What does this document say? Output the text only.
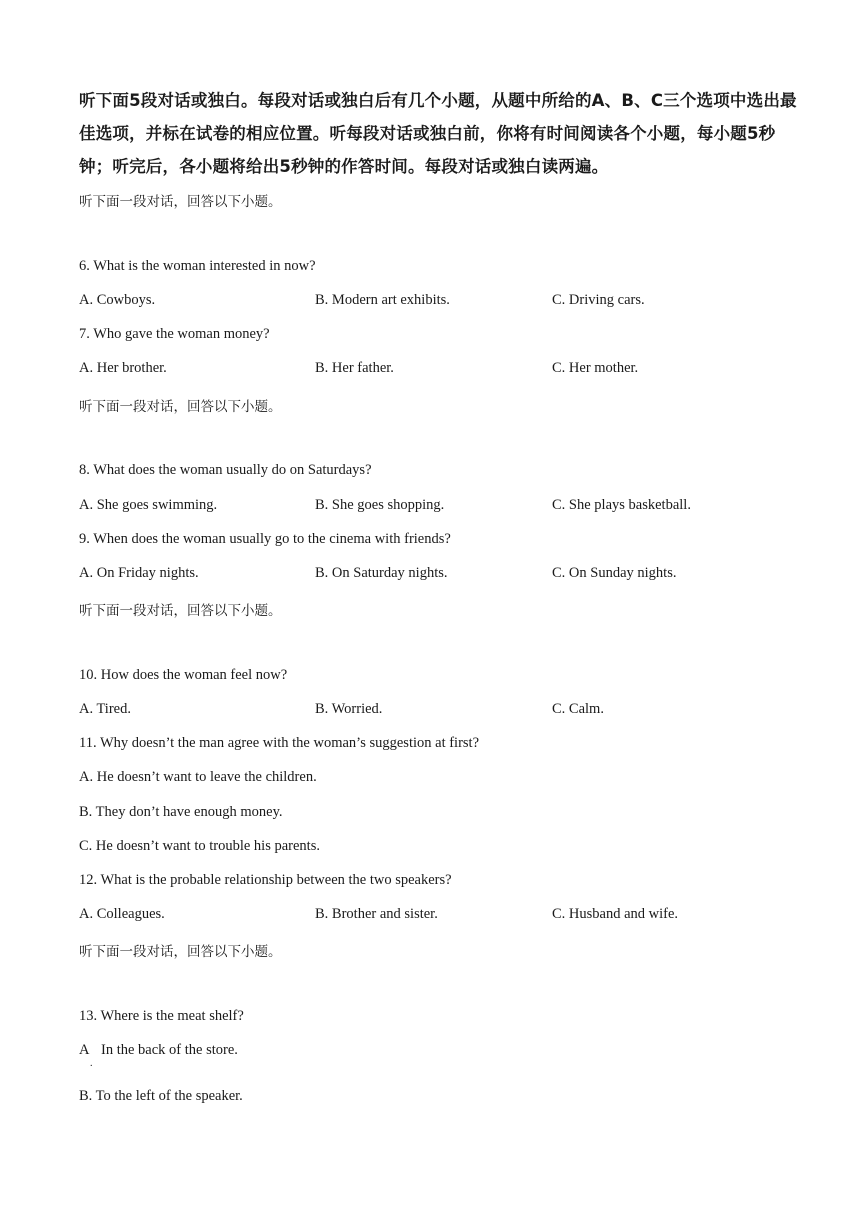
听下面5段对话或独白。每段对话或独白后有几个小题，从题中所给的A、B、C三个选项中选出最佳选项，并标在试卷的相应位置。听每段对话或独白前，你将有时间阅读各个小题，每小题5秒钟；听完后，各小题将给出5秒钟的作答时间。每段对话或独白读两遍。
听下面一段对话，回答以下小题。
6. What is the woman interested in now?
A. Cowboys.	B. Modern art exhibits.	C. Driving cars.
7. Who gave the woman money?
A. Her brother.	B. Her father.	C. Her mother.
听下面一段对话，回答以下小题。
8. What does the woman usually do on Saturdays?
A. She goes swimming.	B. She goes shopping.	C. She plays basketball.
9. When does the woman usually go to the cinema with friends?
A. On Friday nights.	B. On Saturday nights.	C. On Sunday nights.
听下面一段对话，回答以下小题。
10. How does the woman feel now?
A. Tired.	B. Worried.	C. Calm.
11. Why doesn’t the man agree with the woman’s suggestion at first?
A. He doesn’t want to leave the children.
B. They don’t have enough money.
C. He doesn’t want to trouble his parents.
12. What is the probable relationship between the two speakers?
A. Colleagues.	B. Brother and sister.	C. Husband and wife.
听下面一段对话，回答以下小题。
13. Where is the meat shelf?
A In the back of the store.
.
B. To the left of the speaker.
